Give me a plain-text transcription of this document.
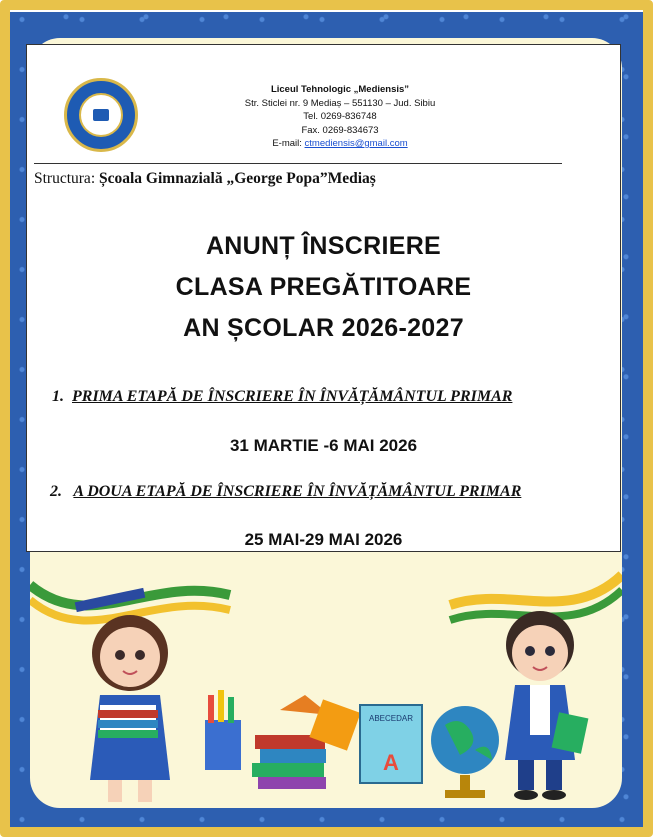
ABECEDAR
A
Liceul Tehnologic „Mediensis”
Str. Sticlei nr. 9 Mediaș – 551130 – Jud. Sibiu
Tel. 0269-836748
Fax. 0269-834673
E-mail: ctmediensis@gmail.com
Structura: Școala Gimnazială „George Popa”Mediaș
ANUNȚ ÎNSCRIERE
CLASA PREGĂTITOARE
AN ȘCOLAR 2026-2027
1. PRIMA ETAPĂ DE ÎNSCRIERE ÎN ÎNVĂȚĂMÂNTUL PRIMAR
31 MARTIE -6 MAI 2026
2. A DOUA ETAPĂ DE ÎNSCRIERE ÎN ÎNVĂȚĂMÂNTUL PRIMAR
25 MAI-29 MAI 2026
